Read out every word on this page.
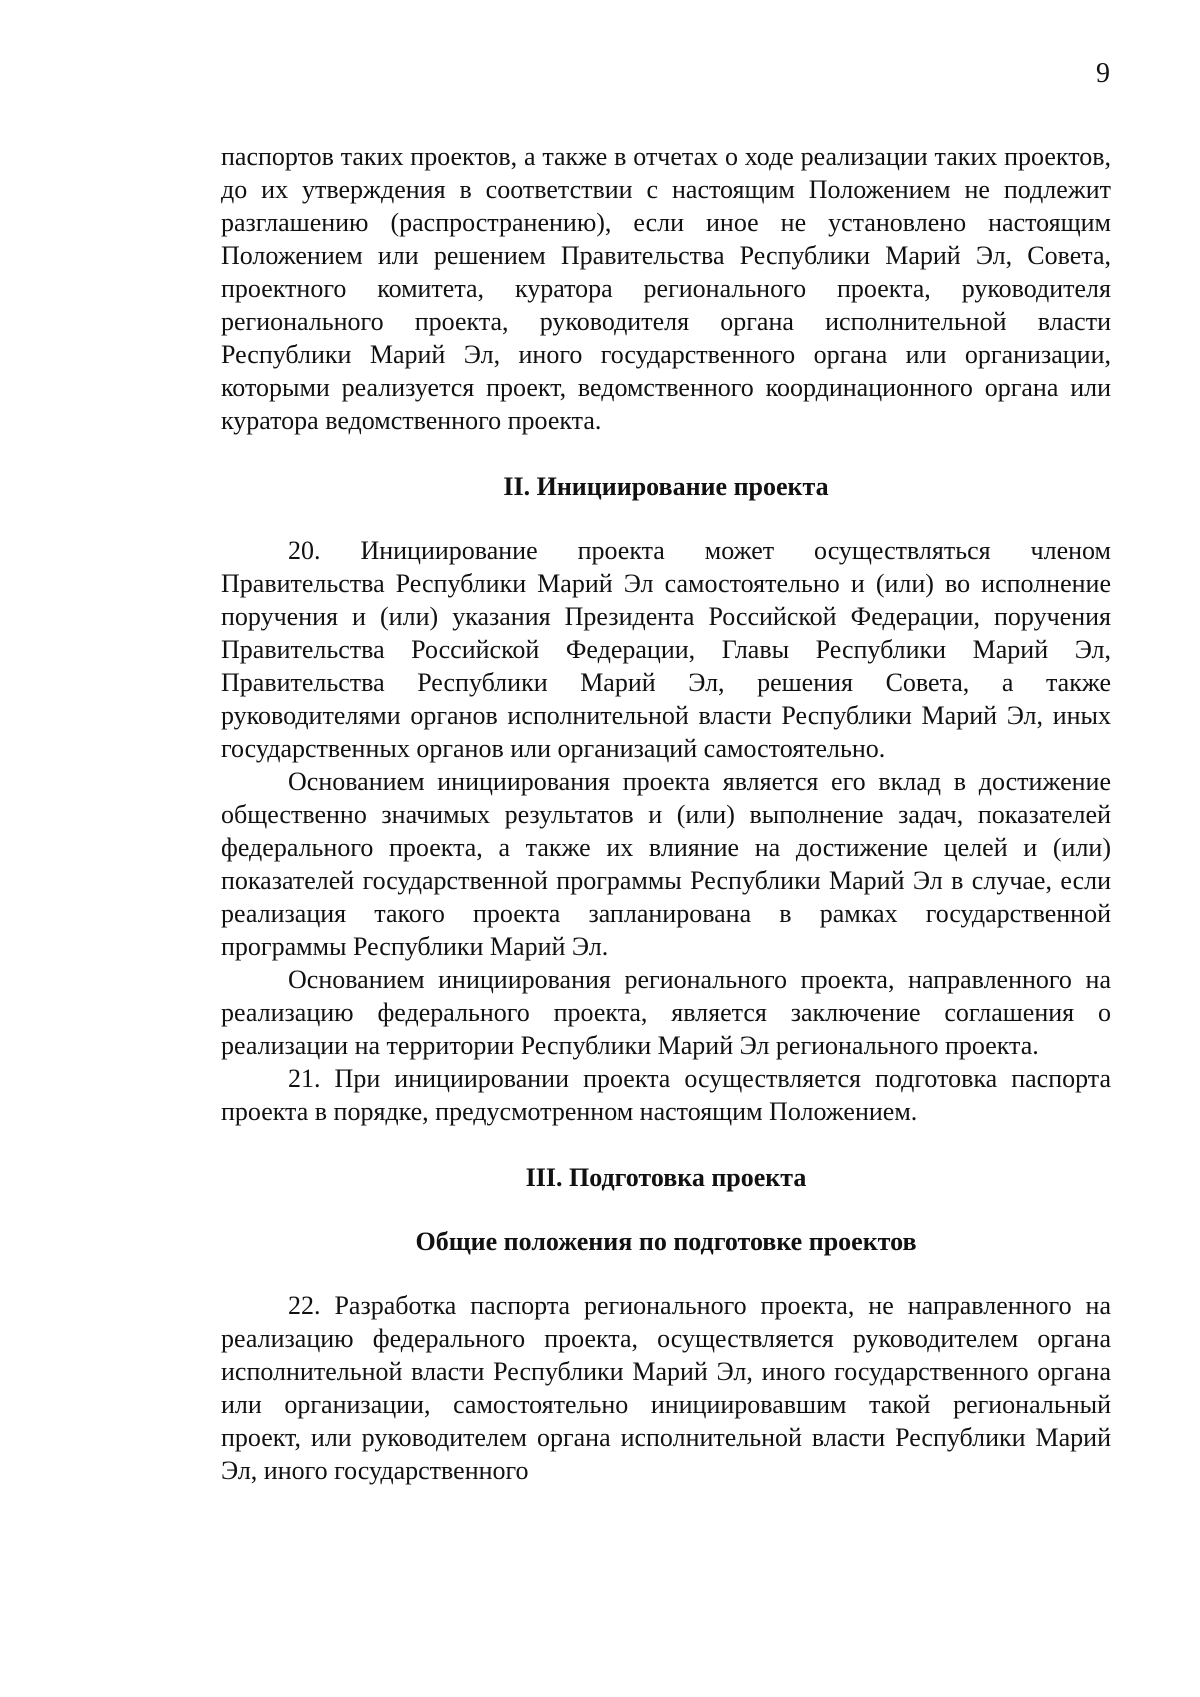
9

паспортов таких проектов, а также в отчетах о ходе реализации таких проектов, до их утверждения в соответствии с настоящим Положением не подлежит разглашению (распространению), если иное не установлено настоящим Положением или решением Правительства Республики Марий Эл, Совета, проектного комитета, куратора регионального проекта, руководителя регионального проекта, руководителя органа исполнительной власти Республики Марий Эл, иного государственного органа или организации, которыми реализуется проект, ведомственного координационного органа или куратора ведомственного проекта.

II. Инициирование проекта

20. Инициирование проекта может осуществляться членом Правительства Республики Марий Эл самостоятельно и (или) во исполнение поручения и (или) указания Президента Российской Федерации, поручения Правительства Российской Федерации, Главы Республики Марий Эл, Правительства Республики Марий Эл, решения Совета, а также руководителями органов исполнительной власти Республики Марий Эл, иных государственных органов или организаций самостоятельно.

Основанием инициирования проекта является его вклад в достижение общественно значимых результатов и (или) выполнение задач, показателей федерального проекта, а также их влияние на достижение целей и (или) показателей государственной программы Республики Марий Эл в случае, если реализация такого проекта запланирована в рамках государственной программы Республики Марий Эл.

Основанием инициирования регионального проекта, направленного на реализацию федерального проекта, является заключение соглашения о реализации на территории Республики Марий Эл регионального проекта.

21. При инициировании проекта осуществляется подготовка паспорта проекта в порядке, предусмотренном настоящим Положением.

III. Подготовка проекта
Общие положения по подготовке проектов

22. Разработка паспорта регионального проекта, не направленного на реализацию федерального проекта, осуществляется руководителем органа исполнительной власти Республики Марий Эл, иного государственного органа или организации, самостоятельно инициировавшим такой региональный проект, или руководителем органа исполнительной власти Республики Марий Эл, иного государственного
